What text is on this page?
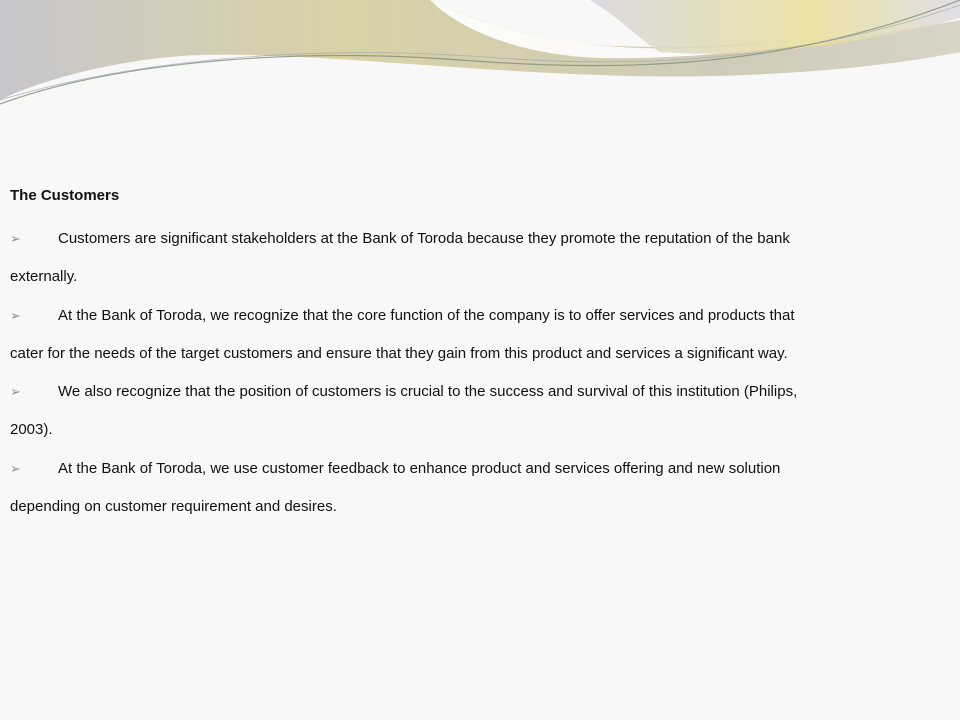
The Customers
➢	Customers are significant stakeholders at the Bank of Toroda because they promote the reputation of the bank
externally.
➢	At the Bank of Toroda, we recognize that the core function of the company is to offer services and products that
cater for the needs of the target customers and ensure that they gain from this product and services a significant way.
➢	We also recognize that the position of customers is crucial to the success and survival of this institution (Philips,
2003).
➢	At the Bank of Toroda, we use customer feedback to enhance product and services offering and new solution
depending on customer requirement and desires.
